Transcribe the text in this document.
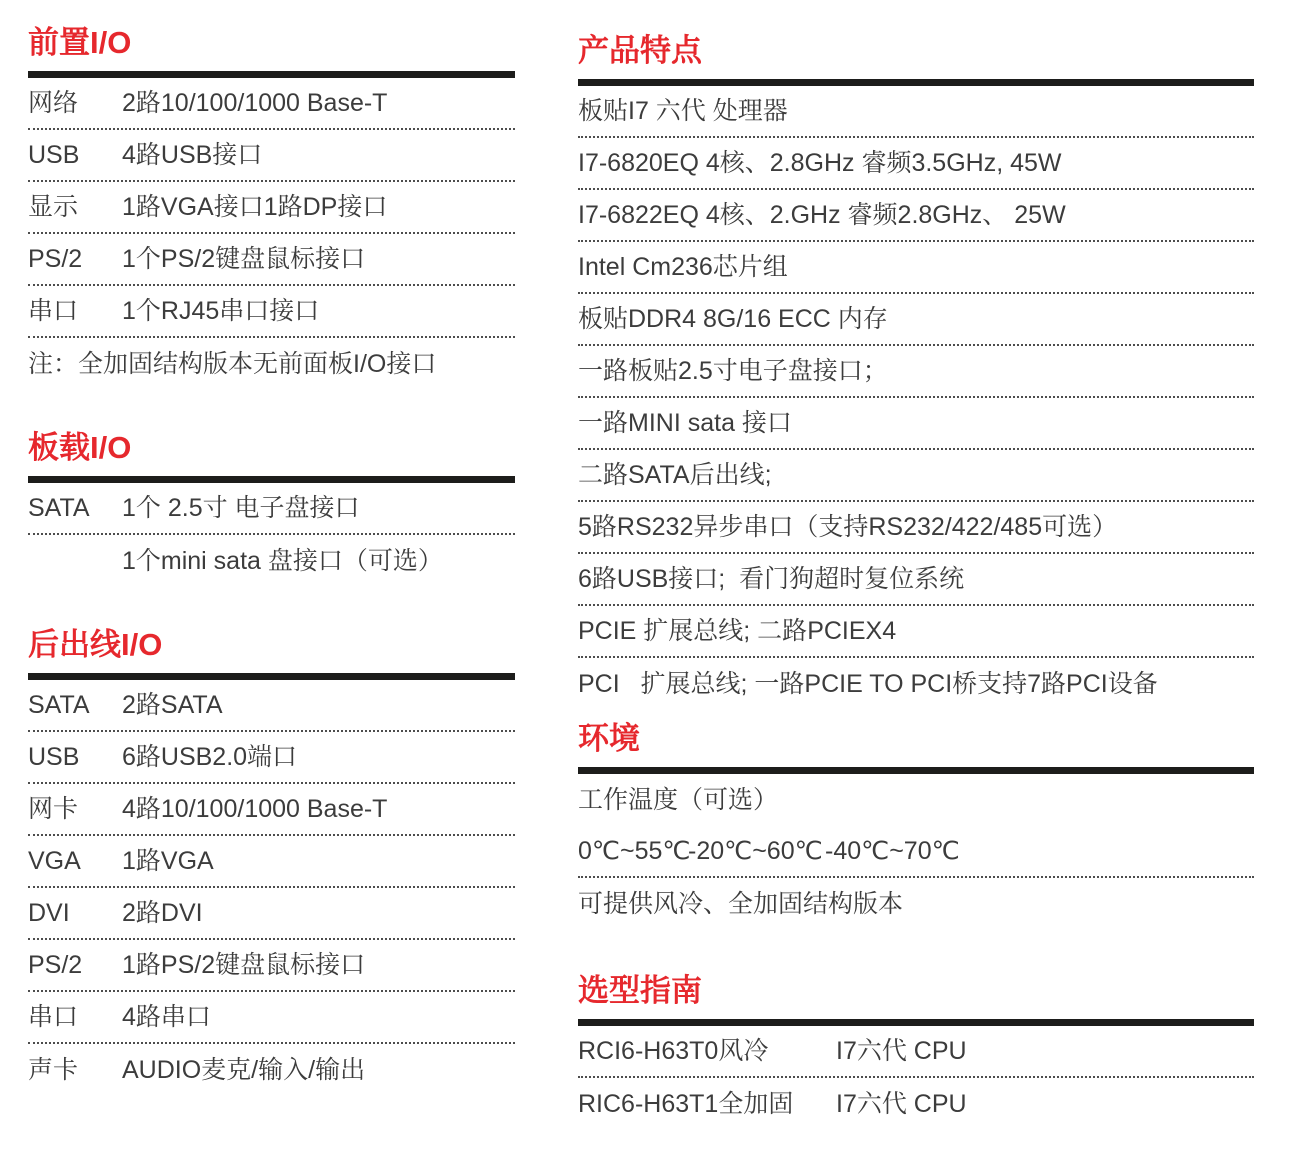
前置I/O
网络	2路10/100/1000 Base-T
USB	4路USB接口
显示	1路VGA接口1路DP接口
PS/2	1个PS/2键盘鼠标接口
串口	1个RJ45串口接口
注：全加固结构版本无前面板I/O接口
板载I/O
SATA	1个 2.5寸 电子盘接口
1个mini sata 盘接口（可选）
后出线I/O
SATA	2路SATA
USB	6路USB2.0端口
网卡	4路10/100/1000 Base-T
VGA	1路VGA
DVI	2路DVI
PS/2	1路PS/2键盘鼠标接口
串口	4路串口
声卡	AUDIO麦克/输入/输出
产品特点
板贴I7 六代 处理器
I7-6820EQ 4核、2.8GHz 睿频3.5GHz, 45W
I7-6822EQ 4核、2.GHz 睿频2.8GHz、 25W
Intel Cm236芯片组
板贴DDR4 8G/16 ECC 内存
一路板贴2.5寸电子盘接口；
一路MINI sata 接口
二路SATA后出线;
5路RS232异步串口（支持RS232/422/485可选）
6路USB接口;  看门狗超时复位系统
PCIE 扩展总线; 二路PCIEX4
PCI   扩展总线; 一路PCIE TO PCI桥支持7路PCI设备
环境
工作温度（可选）
0℃~55℃
-20℃~60℃ -40℃~70℃
可提供风冷、全加固结构版本
选型指南
RCI6-H63T0风冷	I7六代 CPU
RIC6-H63T1全加固	I7六代 CPU
